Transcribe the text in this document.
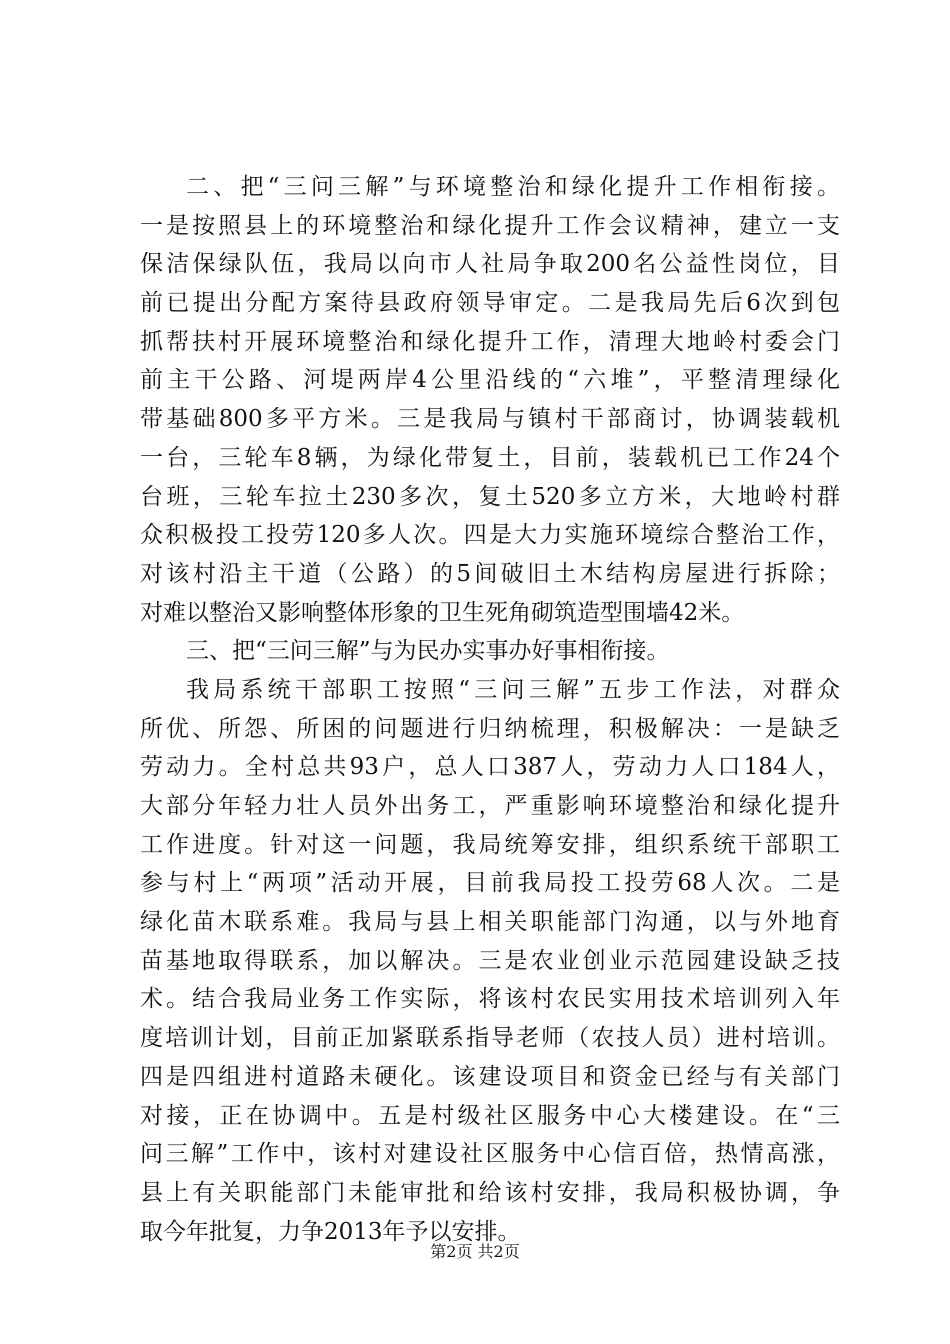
二、把“三问三解”与环境整治和绿化提升工作相衔接。
一是按照县上的环境整治和绿化提升工作会议精神，建立一支
保洁保绿队伍，我局以向市人社局争取200名公益性岗位，目
前已提出分配方案待县政府领导审定。二是我局先后6次到包
抓帮扶村开展环境整治和绿化提升工作，清理大地岭村委会门
前主干公路、河堤两岸4公里沿线的“六堆”，平整清理绿化
带基础800多平方米。三是我局与镇村干部商讨，协调装载机
一台，三轮车8辆，为绿化带复土，目前，装载机已工作24个
台班，三轮车拉土230多次，复土520多立方米，大地岭村群
众积极投工投劳120多人次。四是大力实施环境综合整治工作，
对该村沿主干道（公路）的5间破旧土木结构房屋进行拆除；
对难以整治又影响整体形象的卫生死角砌筑造型围墙42米。
三、把“三问三解”与为民办实事办好事相衔接。
我局系统干部职工按照“三问三解”五步工作法，对群众
所优、所怨、所困的问题进行归纳梳理，积极解决：一是缺乏
劳动力。全村总共93户，总人口387人，劳动力人口184人，
大部分年轻力壮人员外出务工，严重影响环境整治和绿化提升
工作进度。针对这一问题，我局统筹安排，组织系统干部职工
参与村上“两项”活动开展，目前我局投工投劳68人次。二是
绿化苗木联系难。我局与县上相关职能部门沟通，以与外地育
苗基地取得联系，加以解决。三是农业创业示范园建设缺乏技
术。结合我局业务工作实际，将该村农民实用技术培训列入年
度培训计划，目前正加紧联系指导老师（农技人员）进村培训。
四是四组进村道路未硬化。该建设项目和资金已经与有关部门
对接，正在协调中。五是村级社区服务中心大楼建设。在“三
问三解”工作中，该村对建设社区服务中心信百倍，热情高涨，
县上有关职能部门未能审批和给该村安排，我局积极协调，争
取今年批复，力争2013年予以安排。
第2页 共2页
